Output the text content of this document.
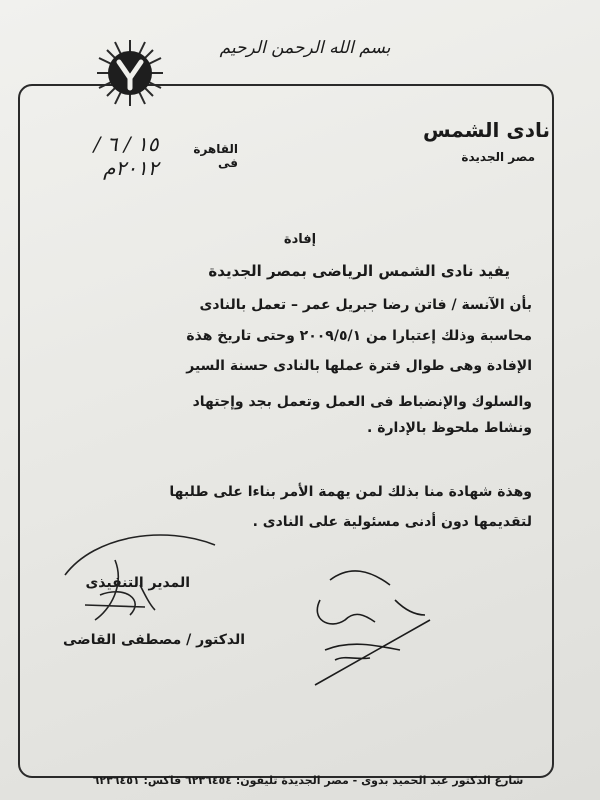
بسم الله الرحمن الرحيم
نادى الشمس
مصر الجديدة
القاهرة فى
١٥ / ٦ / ٢٠١٢م
إفادة
يفيد نادى الشمس الرياضى بمصر الجديدة
بأن الآنسة / فاتن رضا جبريل عمر – تعمل بالنادى
محاسبة وذلك إعتبارا من ٢٠٠٩/٥/١ وحتى تاريخ هذة
الإفادة وهى طوال فترة عملها بالنادى حسنة السير
والسلوك والإنضباط فى العمل وتعمل بجد وإجتهاد
ونشاط ملحوظ بالإدارة .
وهذة شهادة منا بذلك لمن يهمة الأمر بناءا على طلبها
لتقديمها دون أدنى مسئولية على النادى .
المدير التنفيذى
الدكتور / مصطفى القاضى
شارع الدكتور عبد الحميد بدوى - مصر الجديدة تليفون: ٦٢٣٦٤٥٤ فاكس: ٦٢٣٦٤٥١
